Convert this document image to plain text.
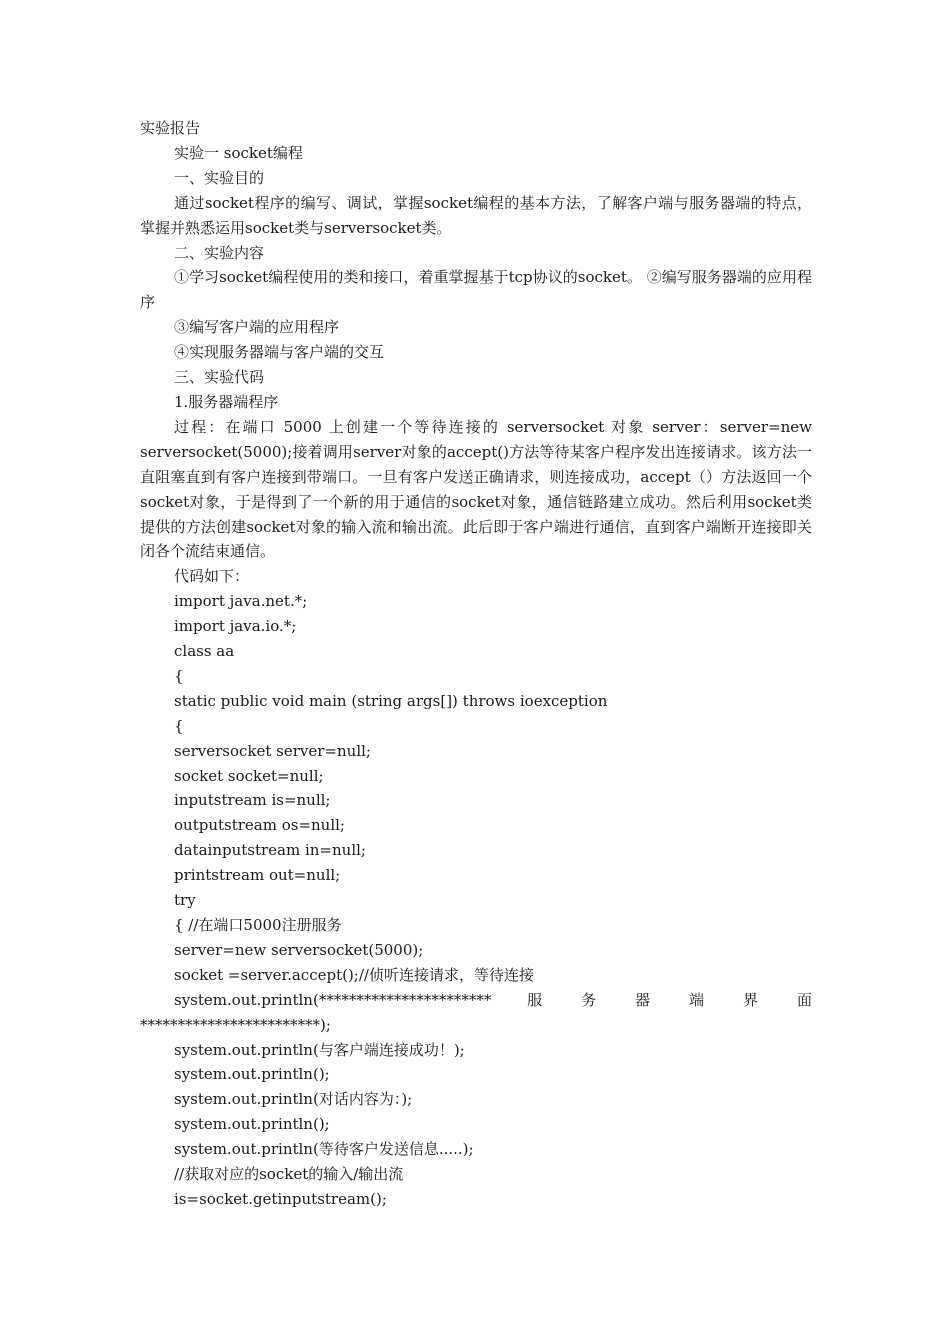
实验报告
实验一 socket编程
一、实验目的
通过socket程序的编写、调试，掌握socket编程的基本方法，了解客户端与服务器端的特点，掌握并熟悉运用socket类与serversocket类。
二、实验内容
①学习socket编程使用的类和接口，着重掌握基于tcp协议的socket。 ②编写服务器端的应用程序
③编写客户端的应用程序
④实现服务器端与客户端的交互
三、实验代码
1.服务器端程序
过程：在端口 5000 上创建一个等待连接的 serversocket 对象 server：server=new serversocket(5000);接着调用server对象的accept()方法等待某客户程序发出连接请求。该方法一直阻塞直到有客户连接到带端口。一旦有客户发送正确请求，则连接成功，accept（）方法返回一个socket对象，于是得到了一个新的用于通信的socket对象，通信链路建立成功。然后利用socket类提供的方法创建socket对象的输入流和输出流。此后即于客户端进行通信，直到客户端断开连接即关闭各个流结束通信。
代码如下：
import java.net.*;
import java.io.*;
class aa
{
static public void main (string args[]) throws ioexception
{
serversocket server=null;
socket socket=null;
inputstream is=null;
outputstream os=null;
datainputstream in=null;
printstream out=null;
try
{ //在端口5000注册服务
server=new serversocket(5000);
socket =server.accept();//侦听连接请求，等待连接
system.out.println(*********************** 服 务 器 端 界 面 ************************);
system.out.println(与客户端连接成功！);
system.out.println();
system.out.println(对话内容为：);
system.out.println();
system.out.println(等待客户发送信息.....);
//获取对应的socket的输入/输出流
is=socket.getinputstream();
